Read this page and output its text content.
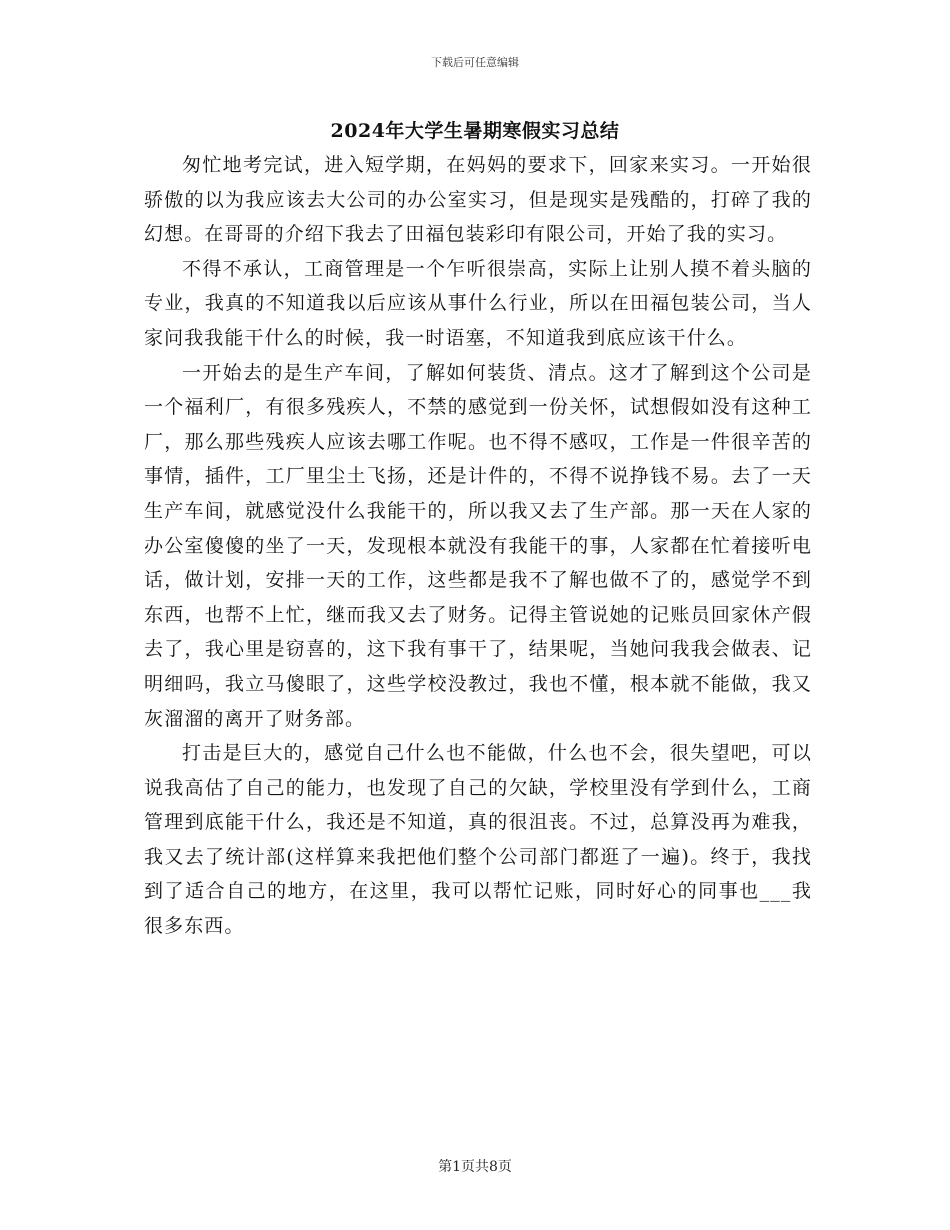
下载后可任意编辑
2024年大学生暑期寒假实习总结

匆忙地考完试，进入短学期，在妈妈的要求下，回家来实习。一开始很骄傲的以为我应该去大公司的办公室实习，但是现实是残酷的，打碎了我的幻想。在哥哥的介绍下我去了田福包装彩印有限公司，开始了我的实习。

不得不承认，工商管理是一个乍听很崇高，实际上让别人摸不着头脑的专业，我真的不知道我以后应该从事什么行业，所以在田福包装公司，当人家问我我能干什么的时候，我一时语塞，不知道我到底应该干什么。

一开始去的是生产车间，了解如何装货、清点。这才了解到这个公司是一个福利厂，有很多残疾人，不禁的感觉到一份关怀，试想假如没有这种工厂，那么那些残疾人应该去哪工作呢。也不得不感叹，工作是一件很辛苦的事情，插件，工厂里尘土飞扬，还是计件的，不得不说挣钱不易。去了一天生产车间，就感觉没什么我能干的，所以我又去了生产部。那一天在人家的办公室傻傻的坐了一天，发现根本就没有我能干的事，人家都在忙着接听电话，做计划，安排一天的工作，这些都是我不了解也做不了的，感觉学不到东西，也帮不上忙，继而我又去了财务。记得主管说她的记账员回家休产假去了，我心里是窃喜的，这下我有事干了，结果呢，当她问我我会做表、记明细吗，我立马傻眼了，这些学校没教过，我也不懂，根本就不能做，我又灰溜溜的离开了财务部。

打击是巨大的，感觉自己什么也不能做，什么也不会，很失望吧，可以说我高估了自己的能力，也发现了自己的欠缺，学校里没有学到什么，工商管理到底能干什么，我还是不知道，真的很沮丧。不过，总算没再为难我，我又去了统计部(这样算来我把他们整个公司部门都逛了一遍)。终于，我找到了适合自己的地方，在这里，我可以帮忙记账，同时好心的同事也___我很多东西。

第1页共8页
